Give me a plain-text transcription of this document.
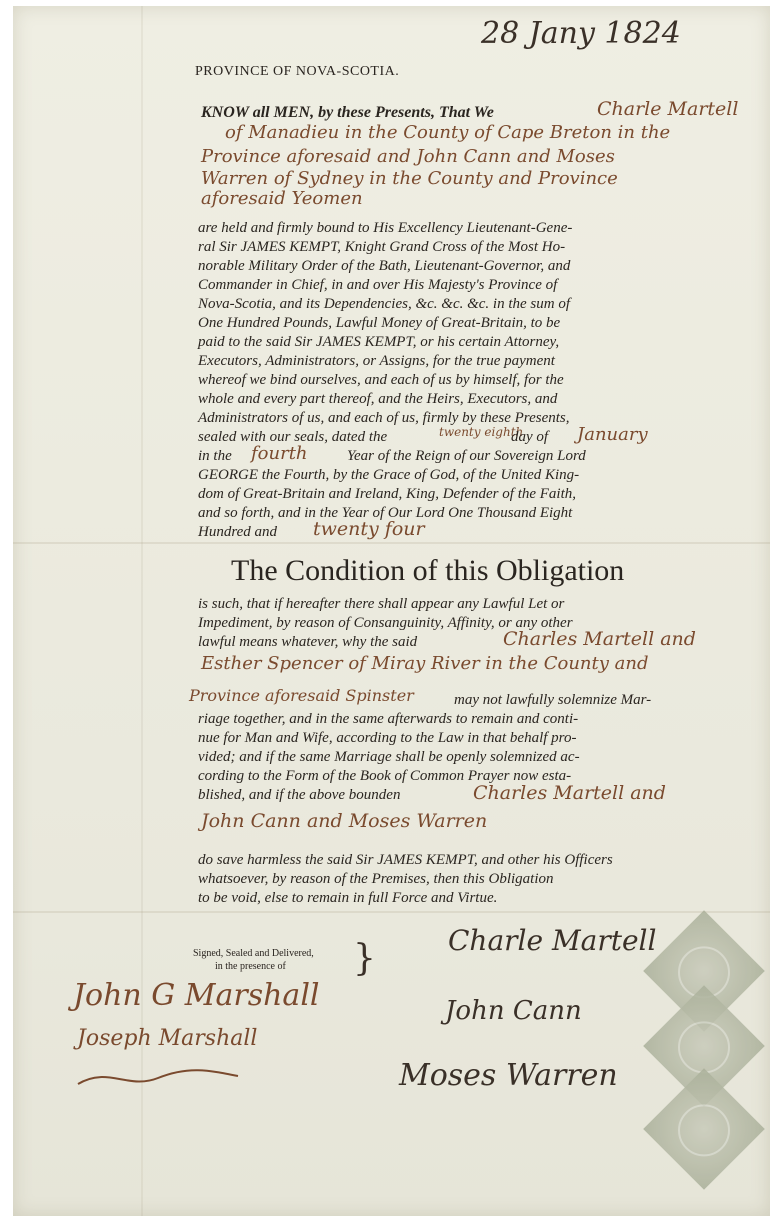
28 Jany 1824
PROVINCE OF NOVA-SCOTIA.
KNOW all MEN, by these Presents, That We	Charle Martell
of Manadieu in the County of Cape Breton in the
Province aforesaid and John Cann and Moses
Warren of Sydney in the County and Province
aforesaid Yeomen
are held and firmly bound to His Excellency Lieutenant-Gene-
ral Sir JAMES KEMPT, Knight Grand Cross of the Most Ho-
norable Military Order of the Bath, Lieutenant-Governor, and
Commander in Chief, in and over His Majesty's Province of
Nova-Scotia, and its Dependencies, &c. &c. &c. in the sum of
One Hundred Pounds, Lawful Money of Great-Britain, to be
paid to the said Sir JAMES KEMPT, or his certain Attorney,
Executors, Administrators, or Assigns, for the true payment
whereof we bind ourselves, and each of us by himself, for the
whole and every part thereof, and the Heirs, Executors, and
Administrators of us, and each of us, firmly by these Presents,
sealed with our seals, dated the	twenty eighth
day of January
in the fourth	Year of the Reign of our Sovereign Lord
GEORGE the Fourth, by the Grace of God, of the United King-
dom of Great-Britain and Ireland, King, Defender of the Faith,
and so forth, and in the Year of Our Lord One Thousand Eight
Hundred and twenty four
The Condition of this Obligation
is such, that if hereafter there shall appear any Lawful Let or
Impediment, by reason of Consanguinity, Affinity, or any other
lawful means whatever, why the said	Charles Martell and
Esther Spencer of Miray River in the County and
Province aforesaid Spinster	may not lawfully solemnize Mar-
riage together, and in the same afterwards to remain and conti-
nue for Man and Wife, according to the Law in that behalf pro-
vided; and if the same Marriage shall be openly solemnized ac-
cording to the Form of the Book of Common Prayer now esta-
blished, and if the above bounden	Charles Martell and
John Cann and Moses Warren
do save harmless the said Sir JAMES KEMPT, and other his Officers
whatsoever, by reason of the Premises, then this Obligation
to be void, else to remain in full Force and Virtue.
Signed, Sealed and Delivered,
in the presence of }
John G Marshall
Joseph Marshall
Charle Martell
John Cann
Moses Warren
